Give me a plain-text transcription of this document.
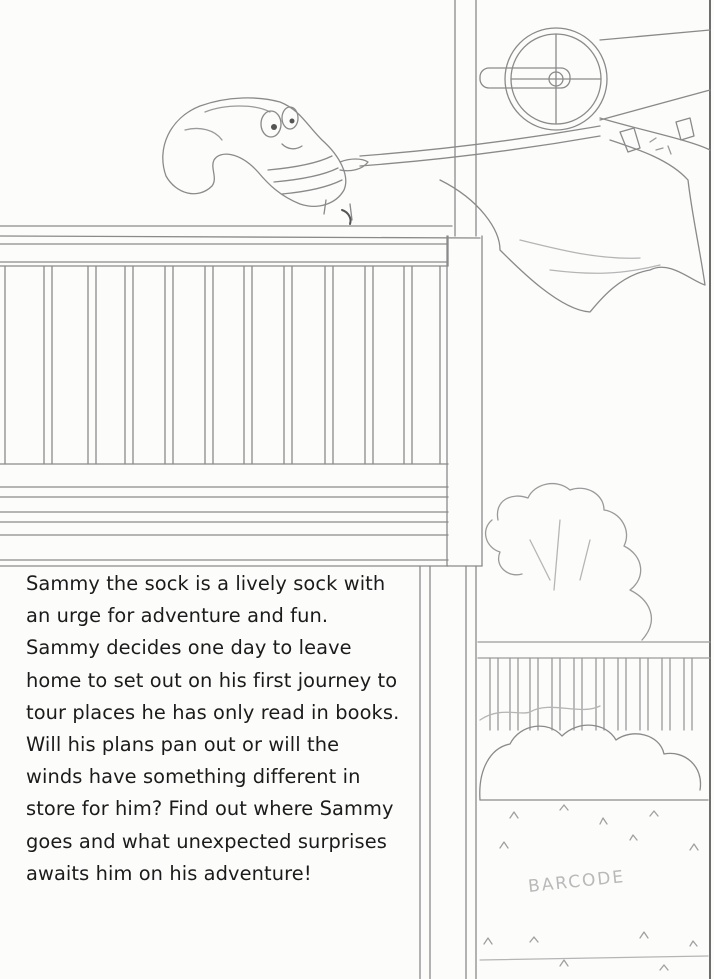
Sammy the sock is a lively sock with
an urge for adventure and fun.
Sammy decides one day to leave
home to set out on his first journey to
tour places he has only read in books.
Will his plans pan out or will the
winds have something different in
store for him? Find out where Sammy
goes and what unexpected surprises
awaits him on his adventure!	BARCODE
